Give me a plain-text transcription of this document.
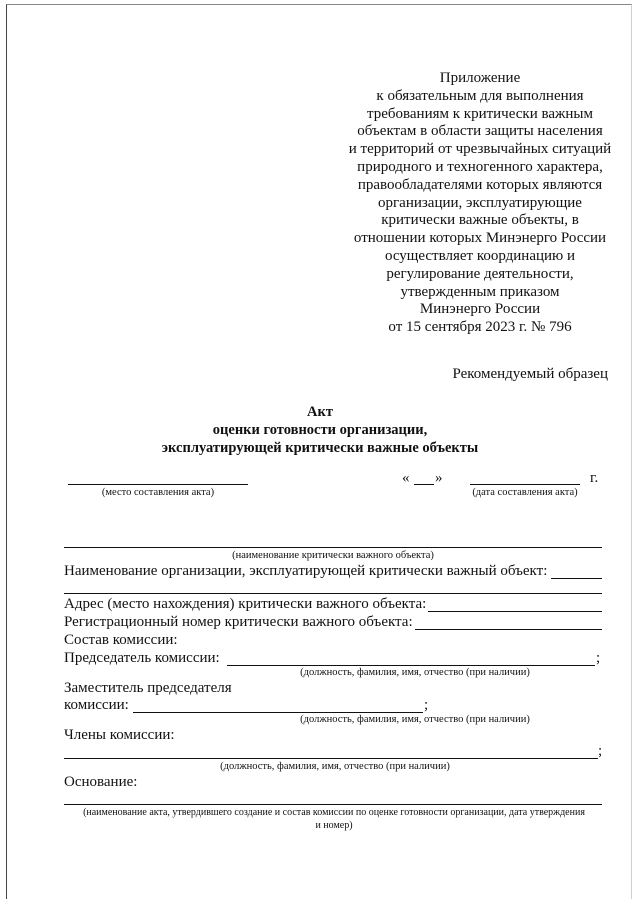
Приложение
к обязательным для выполнения
требованиям к критически важным
объектам в области защиты населения
и территорий от чрезвычайных ситуаций
природного и техногенного характера,
правообладателями которых являются
организации, эксплуатирующие
критически важные объекты, в
отношении которых Минэнерго России
осуществляет координацию и
регулирование деятельности,
утвержденным приказом
Минэнерго России
от 15 сентября 2023 г. № 796
Рекомендуемый образец
Акт
оценки готовности организации,
эксплуатирующей критически важные объекты
(место составления акта)
« »	г.
(дата составления акта)
(наименование критически важного объекта)
Наименование организации, эксплуатирующей критически важный объект:
Адрес (место нахождения) критически важного объекта:
Регистрационный номер критически важного объекта:
Состав комиссии:
Председатель комиссии:	;
(должность, фамилия, имя, отчество (при наличии)
Заместитель председателя
комиссии:	;
(должность, фамилия, имя, отчество (при наличии)
Члены комиссии:
;
(должность, фамилия, имя, отчество (при наличии)
Основание:
(наименование акта, утвердившего создание и состав комиссии по оценке готовности организации, дата утверждения
и номер)
